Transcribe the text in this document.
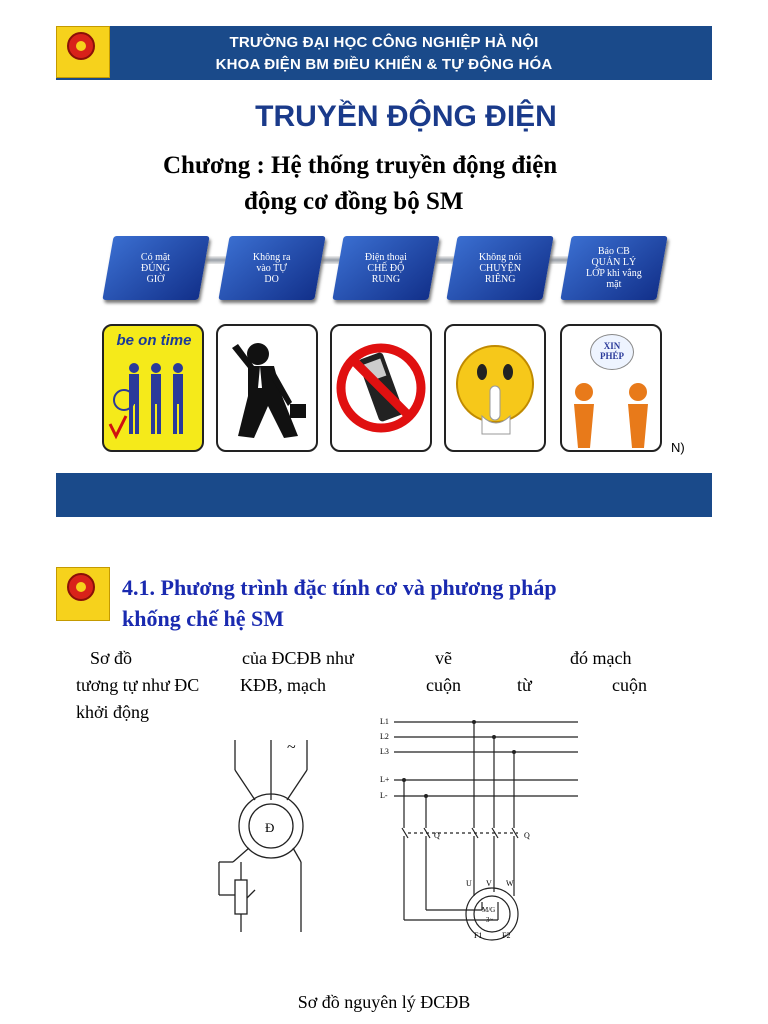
TRƯỜNG ĐẠI HỌC CÔNG NGHIỆP HÀ NỘI
KHOA ĐIỆN BM ĐIỀU KHIỂN & TỰ ĐỘNG HÓA
TRUYỀN ĐỘNG ĐIỆN
Chương : Hệ thống truyền động điện
động cơ đồng bộ SM
Có mặt
ĐÚNG
GIỜ
Không ra
vào TỰ
DO
Điện thoại
CHẾ ĐỘ
RUNG
Không nói
CHUYỆN
RIÊNG
Báo CB
QUẢN LÝ
LỚP khi vắng
mặt
be on time	XIN
PHÉP
N)
4.1. Phương trình đặc tính cơ và phương pháp
khống chế hệ SM
Sơ đồ	của ĐCĐB như	vẽ	đó mạch
tương tự như ĐC KĐB, mạch	cuộn	từ	cuộn
khởi động
Đ
~
L1
L2
L3
L+
L-
Q	Q
U V W
M/G
3~
F1 F2
Sơ đồ nguyên lý ĐCĐB
